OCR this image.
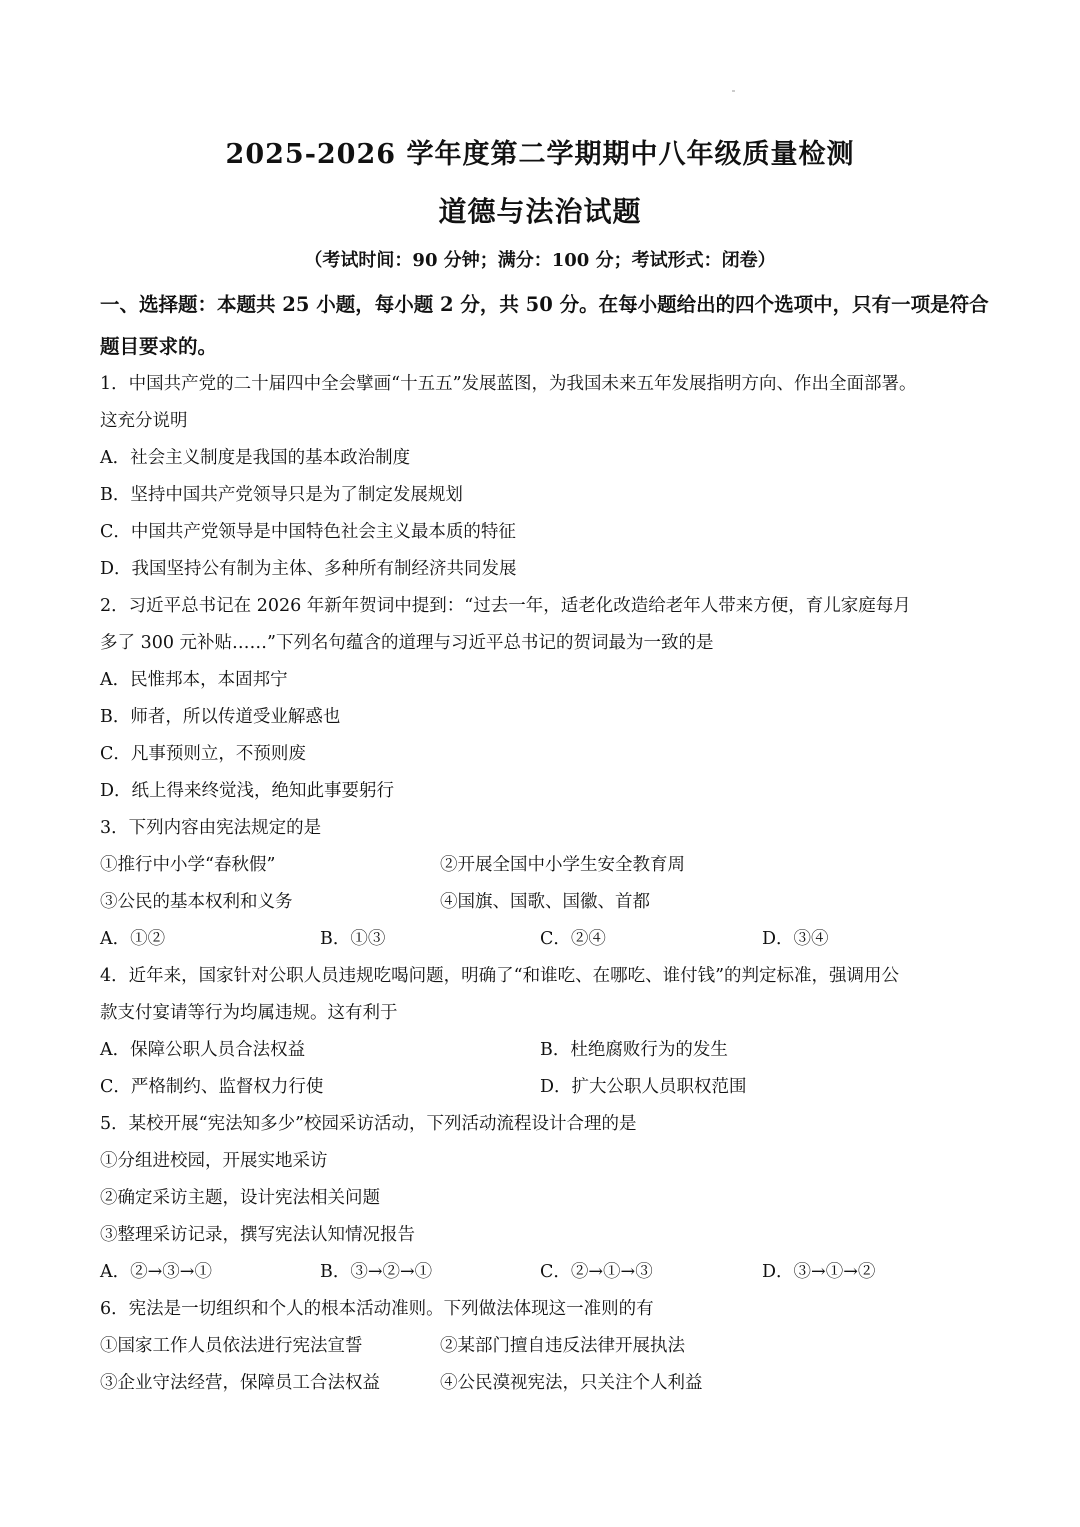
2025-2026 学年度第二学期期中八年级质量检测
道德与法治试题
（考试时间：90 分钟；满分：100 分；考试形式：闭卷）
一、选择题：本题共 25 小题，每小题 2 分，共 50 分。在每小题给出的四个选项中，只有一项是符合题目要求的。
1．中国共产党的二十届四中全会擘画“十五五”发展蓝图，为我国未来五年发展指明方向、作出全面部署。
这充分说明
A．社会主义制度是我国的基本政治制度
B．坚持中国共产党领导只是为了制定发展规划
C．中国共产党领导是中国特色社会主义最本质的特征
D．我国坚持公有制为主体、多种所有制经济共同发展
2．习近平总书记在 2026 年新年贺词中提到：“过去一年，适老化改造给老年人带来方便，育儿家庭每月
多了 300 元补贴……”下列名句蕴含的道理与习近平总书记的贺词最为一致的是
A．民惟邦本，本固邦宁
B．师者，所以传道受业解惑也
C．凡事预则立，不预则废
D．纸上得来终觉浅，绝知此事要躬行
3．下列内容由宪法规定的是
①推行中小学“春秋假”	②开展全国中小学生安全教育周
③公民的基本权利和义务	④国旗、国歌、国徽、首都
A．①②	B．①③	C．②④	D．③④
4．近年来，国家针对公职人员违规吃喝问题，明确了“和谁吃、在哪吃、谁付钱”的判定标准，强调用公
款支付宴请等行为均属违规。这有利于
A．保障公职人员合法权益	B．杜绝腐败行为的发生
C．严格制约、监督权力行使	D．扩大公职人员职权范围
5．某校开展“宪法知多少”校园采访活动，下列活动流程设计合理的是
①分组进校园，开展实地采访
②确定采访主题，设计宪法相关问题
③整理采访记录，撰写宪法认知情况报告
A．②→③→①	B．③→②→①	C．②→①→③	D．③→①→②
6．宪法是一切组织和个人的根本活动准则。下列做法体现这一准则的有
①国家工作人员依法进行宪法宣誓	②某部门擅自违反法律开展执法
③企业守法经营，保障员工合法权益	④公民漠视宪法，只关注个人利益
